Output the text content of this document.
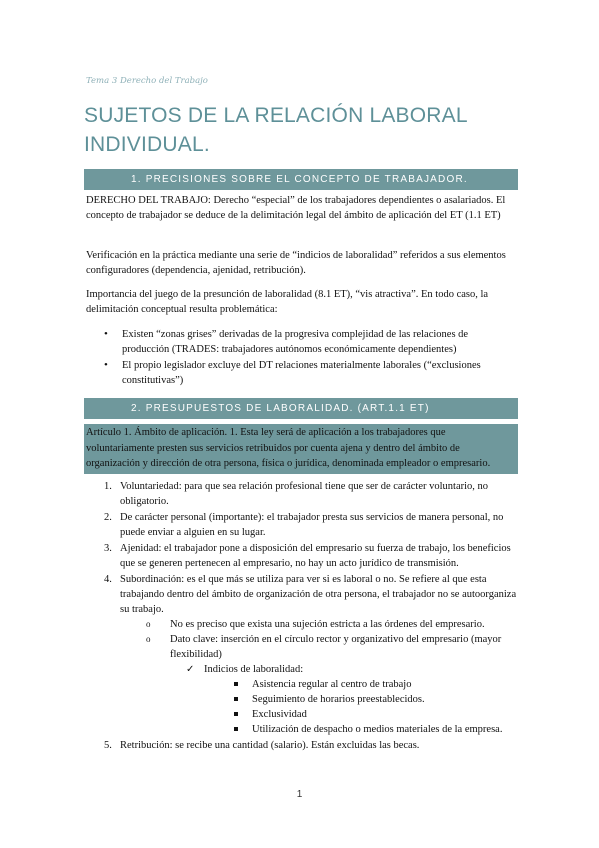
Tema 3 Derecho del Trabajo
SUJETOS DE LA RELACIÓN LABORAL INDIVIDUAL.
1. PRECISIONES SOBRE EL CONCEPTO DE TRABAJADOR.

DERECHO DEL TRABAJO: Derecho “especial” de los trabajadores dependientes o asalariados. El concepto de trabajador se deduce de la delimitación legal del ámbito de aplicación del ET (1.1 ET)

Verificación en la práctica mediante una serie de “indicios de laboralidad” referidos a sus elementos configuradores (dependencia, ajenidad, retribución).

Importancia del juego de la presunción de laboralidad (8.1 ET), “vis atractiva”. En todo caso, la delimitación conceptual resulta problemática:

• Existen “zonas grises” derivadas de la progresiva complejidad de las relaciones de producción (TRADES: trabajadores autónomos económicamente dependientes)
• El propio legislador excluye del DT relaciones materialmente laborales (“exclusiones constitutivas”)
2. PRESUPUESTOS DE LABORALIDAD. (ART.1.1 ET)
Artículo 1. Ámbito de aplicación. 1. Esta ley será de aplicación a los trabajadores que voluntariamente presten sus servicios retribuidos por cuenta ajena y dentro del ámbito de organización y dirección de otra persona, física o jurídica, denominada empleador o empresario.
1. Voluntariedad: para que sea relación profesional tiene que ser de carácter voluntario, no obligatorio.
2. De carácter personal (importante): el trabajador presta sus servicios de manera personal, no puede enviar a alguien en su lugar.
3. Ajenidad: el trabajador pone a disposición del empresario su fuerza de trabajo, los beneficios que se generen pertenecen al empresario, no hay un acto jurídico de transmisión.
4. Subordinación: es el que más se utiliza para ver si es laboral o no. Se refiere al que esta trabajando dentro del ámbito de organización de otra persona, el trabajador no se autoorganiza su trabajo.
o No es preciso que exista una sujeción estricta a las órdenes del empresario.
o Dato clave: inserción en el círculo rector y organizativo del empresario (mayor flexibilidad)
✓ Indicios de laboralidad:
Asistencia regular al centro de trabajo
Seguimiento de horarios preestablecidos.
Exclusividad
Utilización de despacho o medios materiales de la empresa.
5. Retribución: se recibe una cantidad (salario). Están excluidas las becas.
1
